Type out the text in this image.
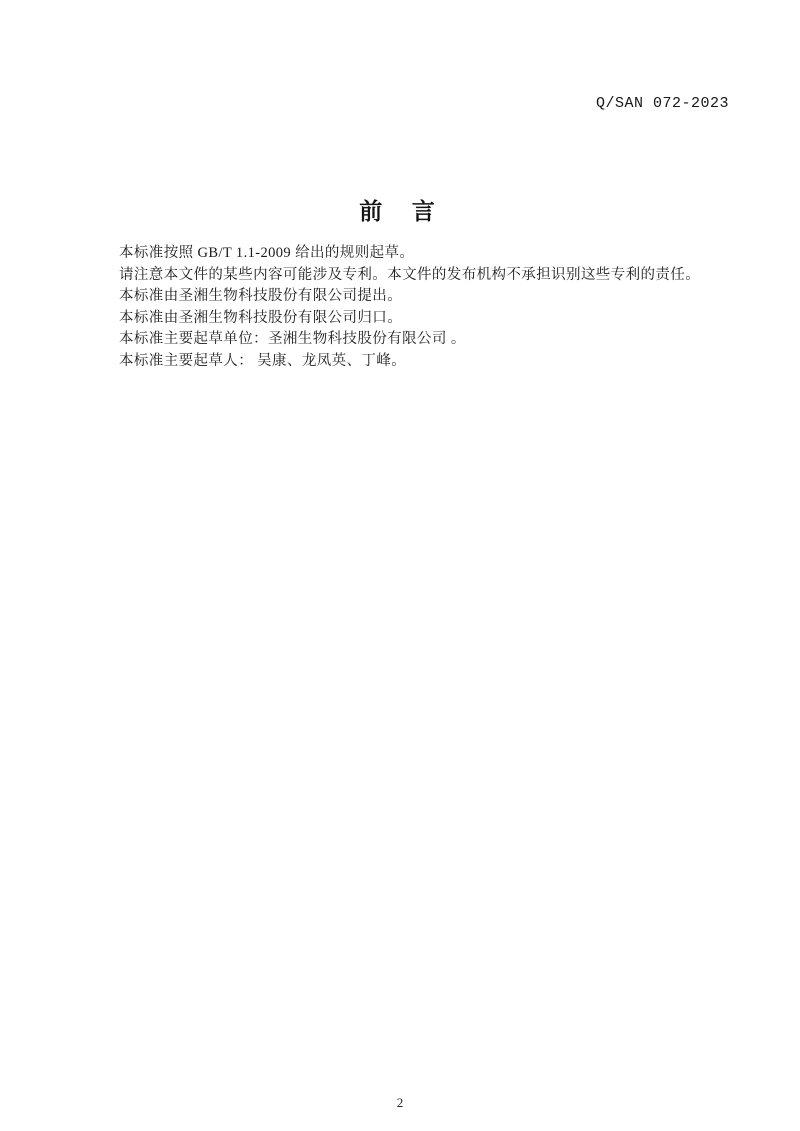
Q/SAN 072-2023
前  言

本标准按照 GB/T 1.1-2009 给出的规则起草。

请注意本文件的某些内容可能涉及专利。本文件的发布机构不承担识别这些专利的责任。

本标准由圣湘生物科技股份有限公司提出。

本标准由圣湘生物科技股份有限公司归口。

本标准主要起草单位：圣湘生物科技股份有限公司 。

本标准主要起草人： 吴康、龙凤英、丁峰。

2
